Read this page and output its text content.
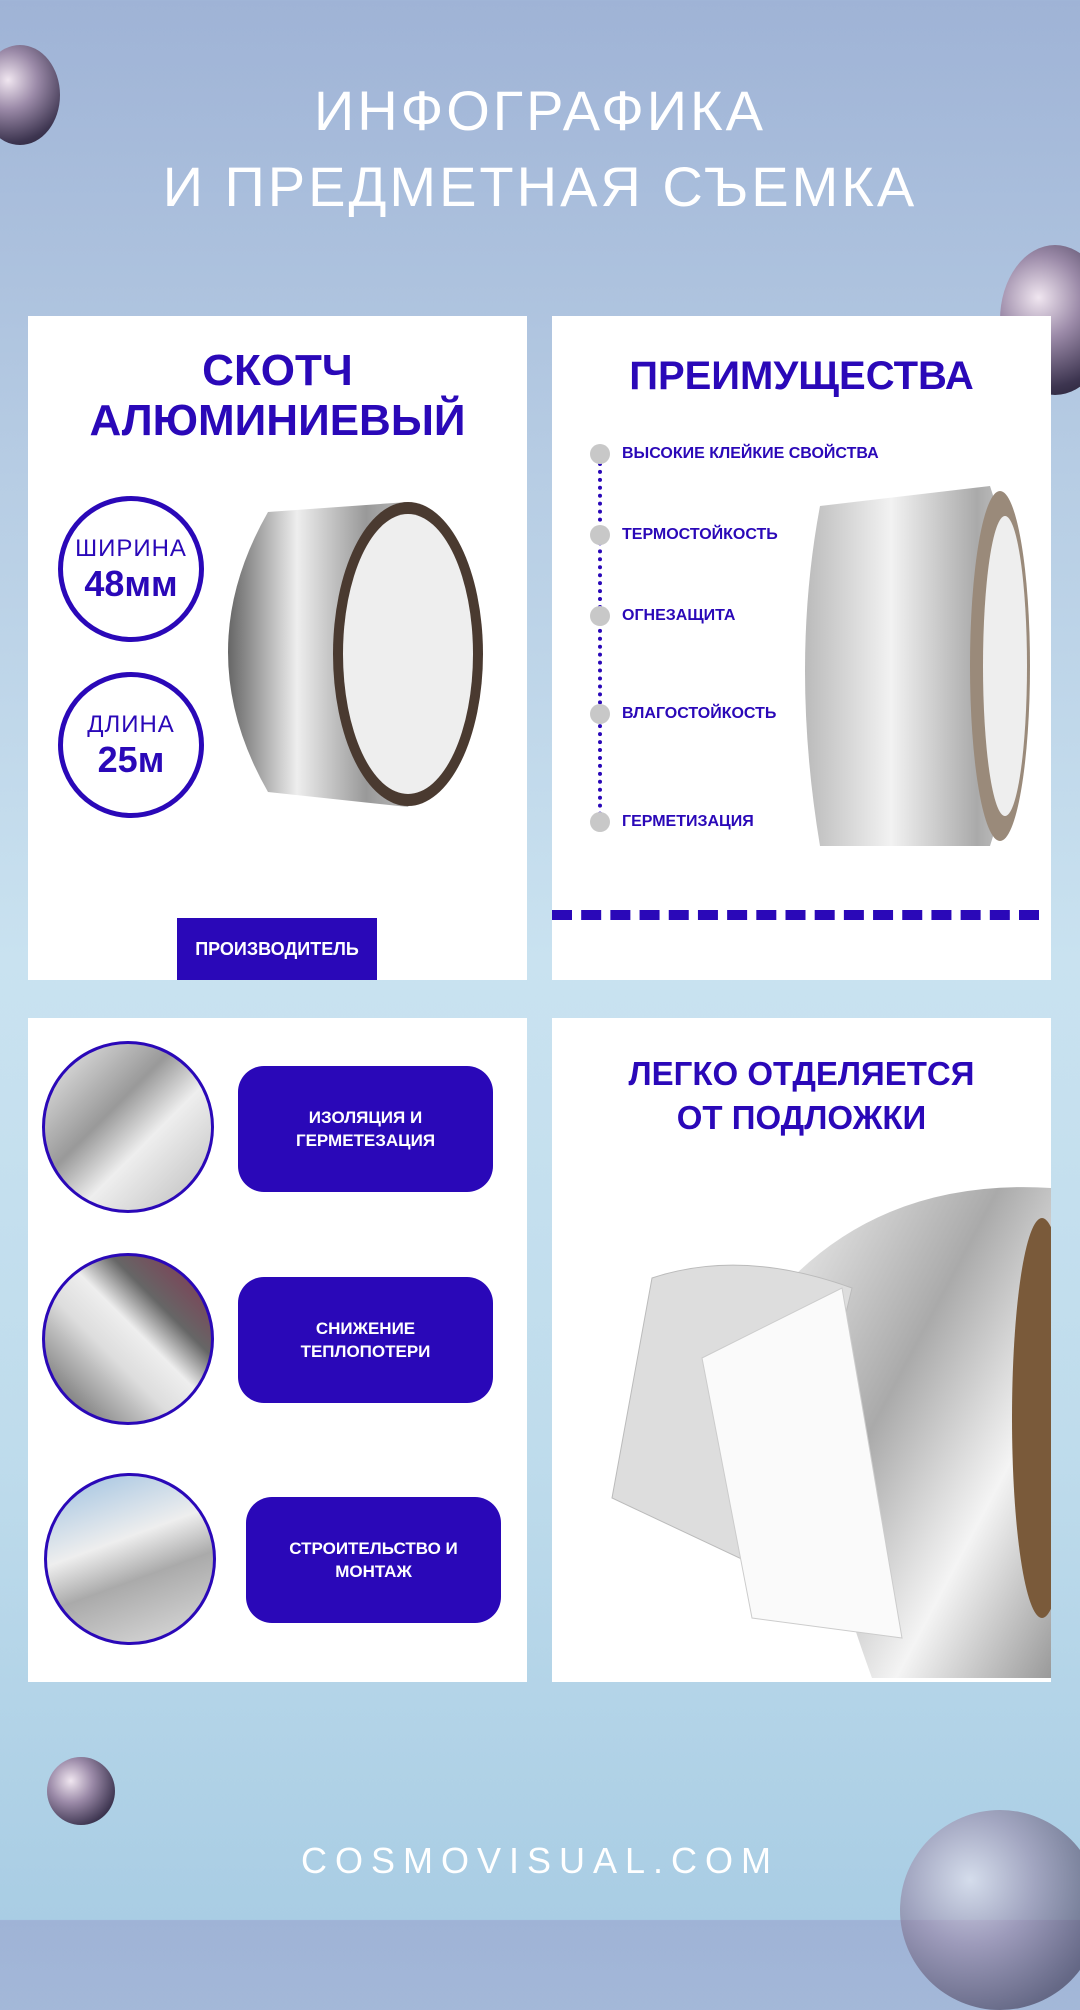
ИНФОГРАФИКА
И ПРЕДМЕТНАЯ СЪЕМКА
СКОТЧ
АЛЮМИНИЕВЫЙ
ШИРИНА
48мм
ДЛИНА
25м
ПРОИЗВОДИТЕЛЬ
ПРЕИМУЩЕСТВА
ВЫСОКИЕ КЛЕЙКИЕ СВОЙСТВА
ТЕРМОСТОЙКОСТЬ
ОГНЕЗАЩИТА
ВЛАГОСТОЙКОСТЬ
ГЕРМЕТИЗАЦИЯ
ИЗОЛЯЦИЯ И
ГЕРМЕТЕЗАЦИЯ
СНИЖЕНИЕ
ТЕПЛОПОТЕРИ
СТРОИТЕЛЬСТВО И
МОНТАЖ
ЛЕГКО ОТДЕЛЯЕТСЯ
ОТ ПОДЛОЖКИ
COSMOVISUAL.COM
